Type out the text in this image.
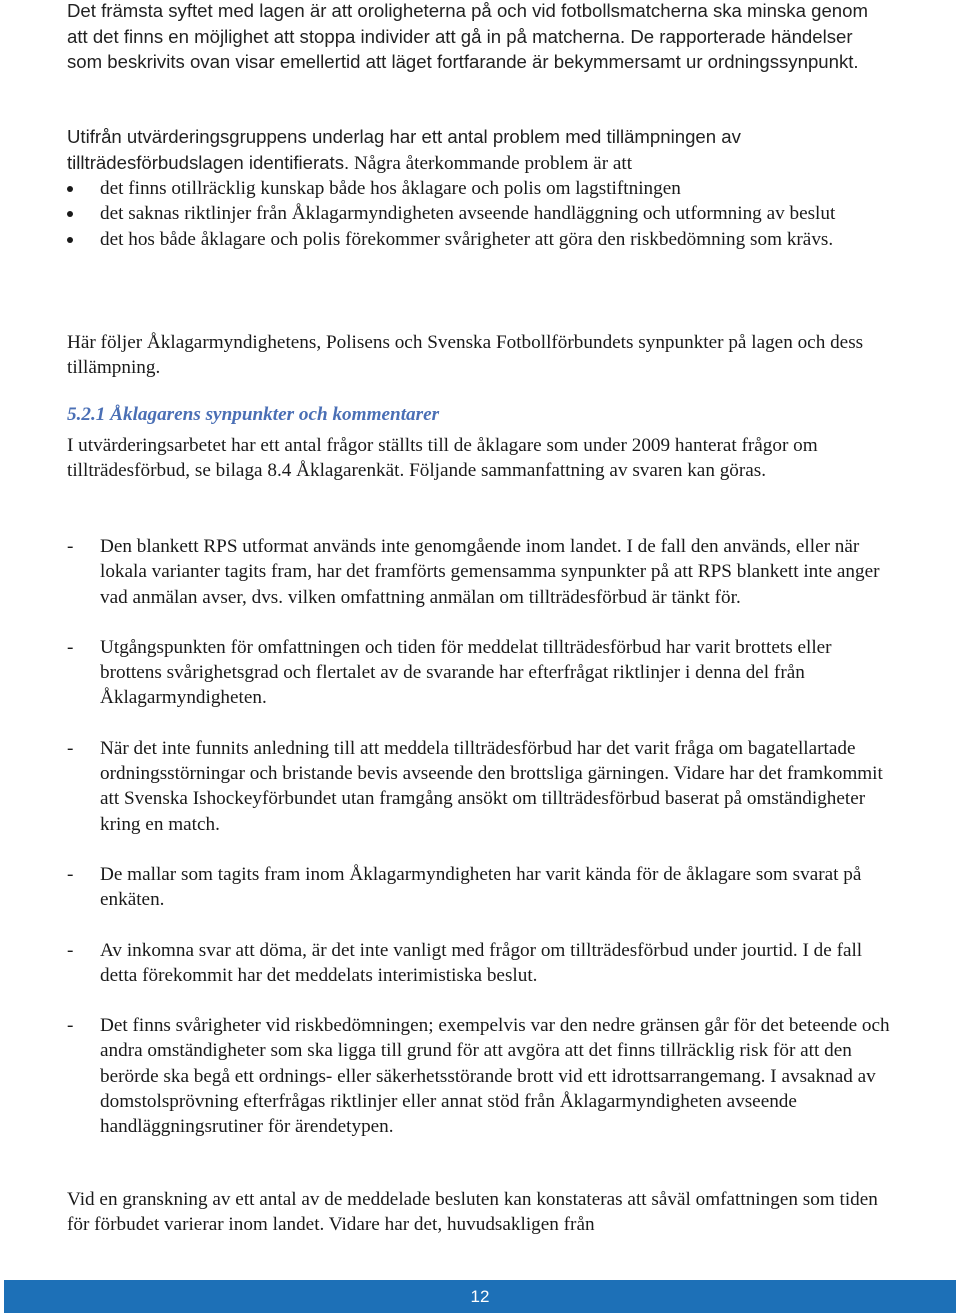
Det främsta syftet med lagen är att oroligheterna på och vid fotbollsmatcherna ska minska genom att det finns en möjlighet att stoppa individer att gå in på matcherna. De rapporterade händelser som beskrivits ovan visar emellertid att läget fortfarande är bekymmersamt ur ordningssynpunkt.

Utifrån utvärderingsgruppens underlag har ett antal problem med tillämpningen av tillträdesförbudslagen identifierats. Några återkommande problem är att

det finns otillräcklig kunskap både hos åklagare och polis om lagstiftningen
det saknas riktlinjer från Åklagarmyndigheten avseende handläggning och utformning av beslut
det hos både åklagare och polis förekommer svårigheter att göra den riskbedömning som krävs.

Här följer Åklagarmyndighetens, Polisens och Svenska Fotbollförbundets synpunkter på lagen och dess tillämpning.

5.2.1 Åklagarens synpunkter och kommentarer

I utvärderingsarbetet har ett antal frågor ställts till de åklagare som under 2009 hanterat frågor om tillträdesförbud, se bilaga 8.4 Åklagarenkät. Följande sammanfattning av svaren kan göras.

- Den blankett RPS utformat används inte genomgående inom landet. I de fall den används, eller när lokala varianter tagits fram, har det framförts gemensamma synpunkter på att RPS blankett inte anger vad anmälan avser, dvs. vilken omfattning anmälan om tillträdesförbud är tänkt för.
- Utgångspunkten för omfattningen och tiden för meddelat tillträdesförbud har varit brottets eller brottens svårighetsgrad och flertalet av de svarande har efterfrågat riktlinjer i denna del från Åklagarmyndigheten.
- När det inte funnits anledning till att meddela tillträdesförbud har det varit fråga om bagatellartade ordningsstörningar och bristande bevis avseende den brottsliga gärningen. Vidare har det framkommit att Svenska Ishockeyförbundet utan framgång ansökt om tillträdesförbud baserat på omständigheter kring en match.
- De mallar som tagits fram inom Åklagarmyndigheten har varit kända för de åklagare som svarat på enkäten.
- Av inkomna svar att döma, är det inte vanligt med frågor om tillträdesförbud under jourtid. I de fall detta förekommit har det meddelats interimistiska beslut.
- Det finns svårigheter vid riskbedömningen; exempelvis var den nedre gränsen går för det beteende och andra omständigheter som ska ligga till grund för att avgöra att det finns tillräcklig risk för att den berörde ska begå ett ordnings- eller säkerhetsstörande brott vid ett idrottsarrangemang. I avsaknad av domstolsprövning efterfrågas riktlinjer eller annat stöd från Åklagarmyndigheten avseende handläggningsrutiner för ärendetypen.

Vid en granskning av ett antal av de meddelade besluten kan konstateras att såväl omfattningen som tiden för förbudet varierar inom landet. Vidare har det, huvudsakligen från

12
